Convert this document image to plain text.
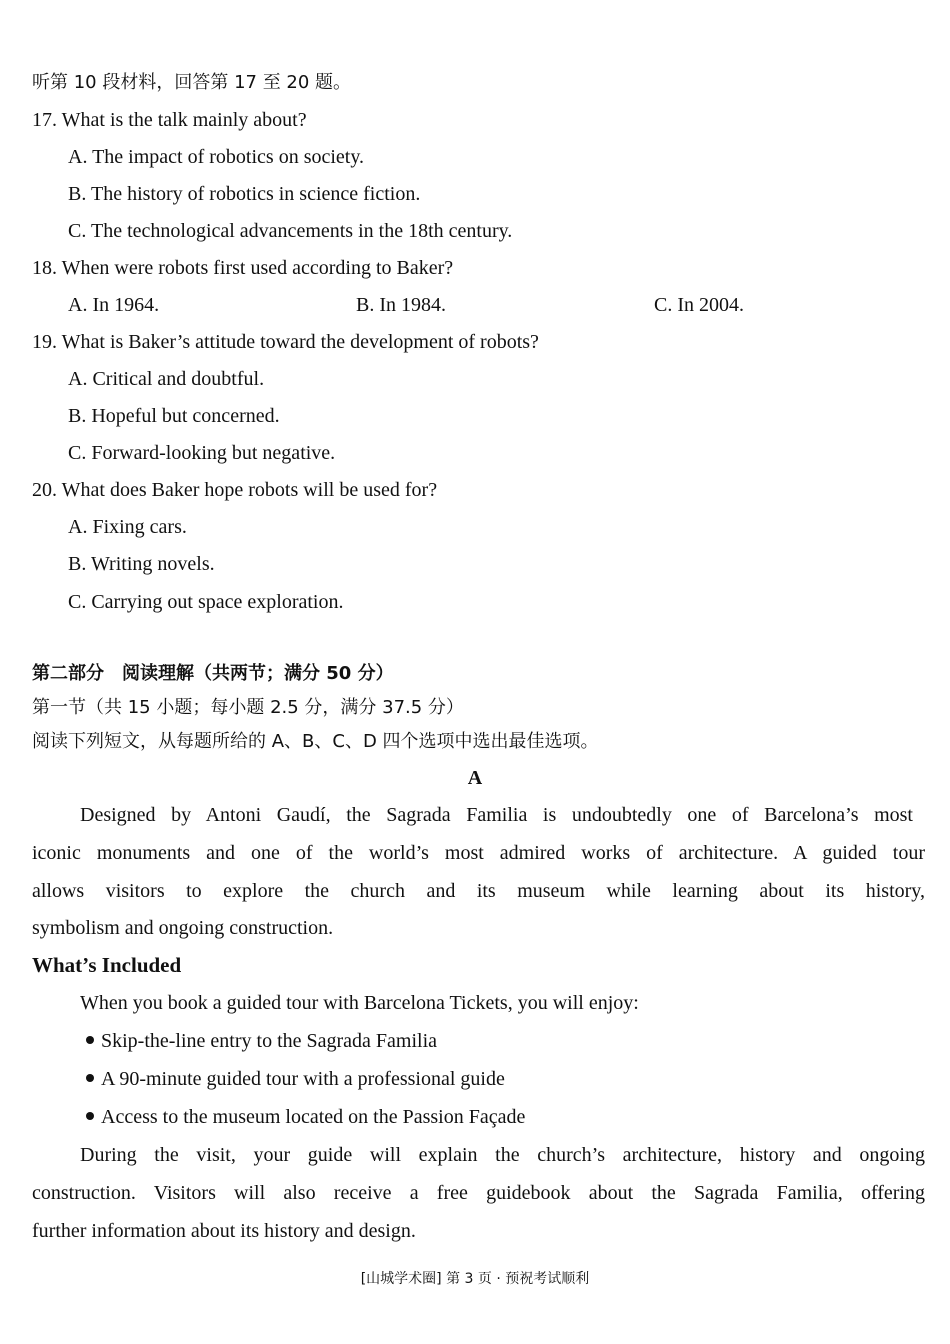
听第 10 段材料，回答第 17 至 20 题。
17. What is the talk mainly about?
A. The impact of robotics on society.
B. The history of robotics in science fiction.
C. The technological advancements in the 18th century.
18. When were robots first used according to Baker?
A. In 1964.	B. In 1984.	C. In 2004.
19. What is Baker’s attitude toward the development of robots?
A. Critical and doubtful.
B. Hopeful but concerned.
C. Forward-looking but negative.
20. What does Baker hope robots will be used for?
A. Fixing cars.
B. Writing novels.
C. Carrying out space exploration.
第二部分　阅读理解（共两节；满分 50 分）
第一节（共 15 小题；每小题 2.5 分，满分 37.5 分）
阅读下列短文，从每题所给的 A、B、C、D 四个选项中选出最佳选项。
A
Designed by Antoni Gaudí, the Sagrada Familia is undoubtedly one of Barcelona’s most
iconic monuments and one of the world’s most admired works of architecture. A guided tour
allows visitors to explore the church and its museum while learning about its history,
symbolism and ongoing construction.
What’s Included
When you book a guided tour with Barcelona Tickets, you will enjoy:
Skip-the-line entry to the Sagrada Familia
A 90-minute guided tour with a professional guide
Access to the museum located on the Passion Façade
During the visit, your guide will explain the church’s architecture, history and ongoing
construction. Visitors will also receive a free guidebook about the Sagrada Familia, offering
further information about its history and design.
[山城学术圈] 第 3 页 · 预祝考试顺利
